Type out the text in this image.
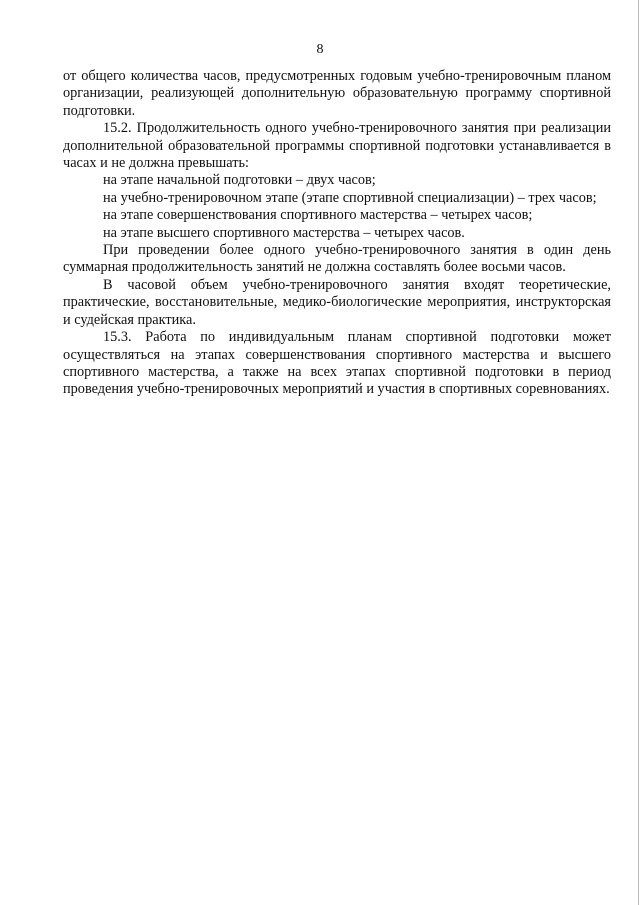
8

от общего количества часов, предусмотренных годовым учебно-тренировочным планом организации, реализующей дополнительную образовательную программу спортивной подготовки.

15.2. Продолжительность одного учебно-тренировочного занятия при реализации дополнительной образовательной программы спортивной подготовки устанавливается в часах и не должна превышать:

на этапе начальной подготовки – двух часов;

на учебно-тренировочном этапе (этапе спортивной специализации) – трех часов;

на этапе совершенствования спортивного мастерства – четырех часов;

на этапе высшего спортивного мастерства – четырех часов.

При проведении более одного учебно-тренировочного занятия в один день суммарная продолжительность занятий не должна составлять более восьми часов.

В часовой объем учебно-тренировочного занятия входят теоретические, практические, восстановительные, медико-биологические мероприятия, инструкторская и судейская практика.

15.3. Работа по индивидуальным планам спортивной подготовки может осуществляться на этапах совершенствования спортивного мастерства и высшего спортивного мастерства, а также на всех этапах спортивной подготовки в период проведения учебно-тренировочных мероприятий и участия в спортивных соревнованиях.
